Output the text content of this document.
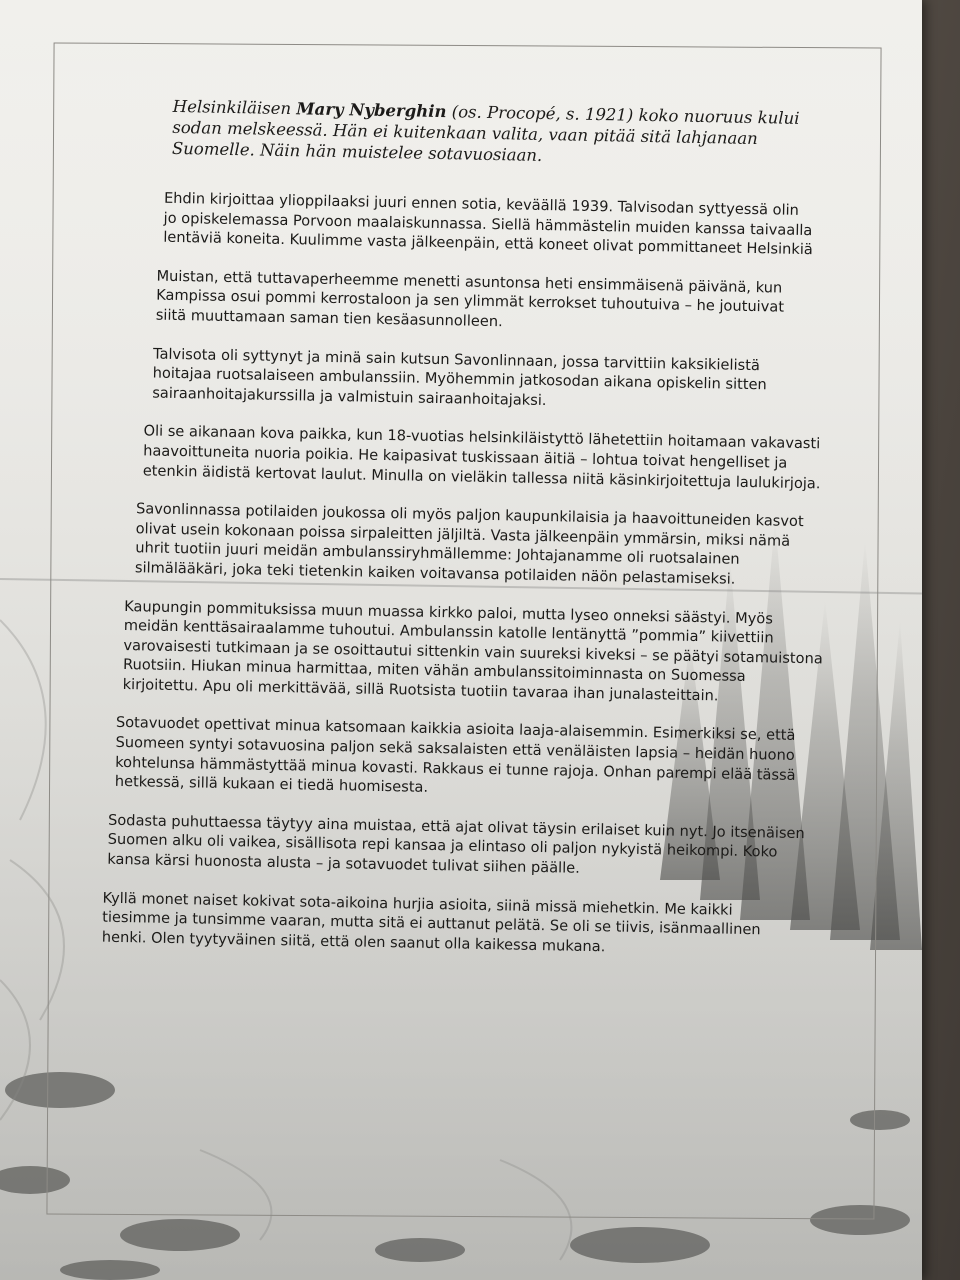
Helsinkiläisen Mary Nyberghin (os. Procopé, s. 1921) koko nuoruus kului sodan melskeessä. Hän ei kuitenkaan valita, vaan pitää sitä lahjanaan Suomelle. Näin hän muistelee sotavuosiaan.

Ehdin kirjoittaa ylioppilaaksi juuri ennen sotia, keväällä 1939. Talvisodan syttyessä olin jo opiskelemassa Porvoon maalaiskunnassa. Siellä hämmästelin muiden kanssa taivaalla lentäviä koneita. Kuulimme vasta jälkeenpäin, että koneet olivat pommittaneet Helsinkiä

Muistan, että tuttavaperheemme menetti asuntonsa heti ensimmäisenä päivänä, kun Kampissa osui pommi kerrostaloon ja sen ylimmät kerrokset tuhoutuiva – he joutuivat siitä muuttamaan saman tien kesäasunnolleen.

Talvisota oli syttynyt ja minä sain kutsun Savonlinnaan, jossa tarvittiin kaksikielistä hoitajaa ruotsalaiseen ambulanssiin. Myöhemmin jatkosodan aikana opiskelin sitten sairaanhoitajakurssilla ja valmistuin sairaanhoitajaksi.

Oli se aikanaan kova paikka, kun 18-vuotias helsinkiläistyttö lähetettiin hoitamaan vakavasti haavoittuneita nuoria poikia. He kaipasivat tuskissaan äitiä – lohtua toivat hengelliset ja etenkin äidistä kertovat laulut. Minulla on vieläkin tallessa niitä käsinkirjoitettuja laulukirjoja.

Savonlinnassa potilaiden joukossa oli myös paljon kaupunkilaisia ja haavoittuneiden kasvot olivat usein kokonaan poissa sirpaleitten jäljiltä. Vasta jälkeenpäin ymmärsin, miksi nämä uhrit tuotiin juuri meidän ambulanssiryhmällemme: Johtajanamme oli ruotsalainen silmälääkäri, joka teki tietenkin kaiken voitavansa potilaiden näön pelastamiseksi.

Kaupungin pommituksissa muun muassa kirkko paloi, mutta lyseo onneksi säästyi. Myös meidän kenttäsairaalamme tuhoutui. Ambulanssin katolle lentänyttä ”pommia” kiivettiin varovaisesti tutkimaan ja se osoittautui sittenkin vain suureksi kiveksi – se päätyi sotamuistona Ruotsiin. Hiukan minua harmittaa, miten vähän ambulanssitoiminnasta on Suomessa kirjoitettu. Apu oli merkittävää, sillä Ruotsista tuotiin tavaraa ihan junalasteittain.

Sotavuodet opettivat minua katsomaan kaikkia asioita laaja-alaisemmin. Esimerkiksi se, että Suomeen syntyi sotavuosina paljon sekä saksalaisten että venäläisten lapsia – heidän huono kohtelunsa hämmästyttää minua kovasti. Rakkaus ei tunne rajoja. Onhan parempi elää tässä hetkessä, sillä kukaan ei tiedä huomisesta.

Sodasta puhuttaessa täytyy aina muistaa, että ajat olivat täysin erilaiset kuin nyt. Jo itsenäisen Suomen alku oli vaikea, sisällisota repi kansaa ja elintaso oli paljon nykyistä heikompi. Koko kansa kärsi huonosta alusta – ja sotavuodet tulivat siihen päälle.

Kyllä monet naiset kokivat sota-aikoina hurjia asioita, siinä missä miehetkin. Me kaikki tiesimme ja tunsimme vaaran, mutta sitä ei auttanut pelätä. Se oli se tiivis, isänmaallinen henki. Olen tyytyväinen siitä, että olen saanut olla kaikessa mukana.
